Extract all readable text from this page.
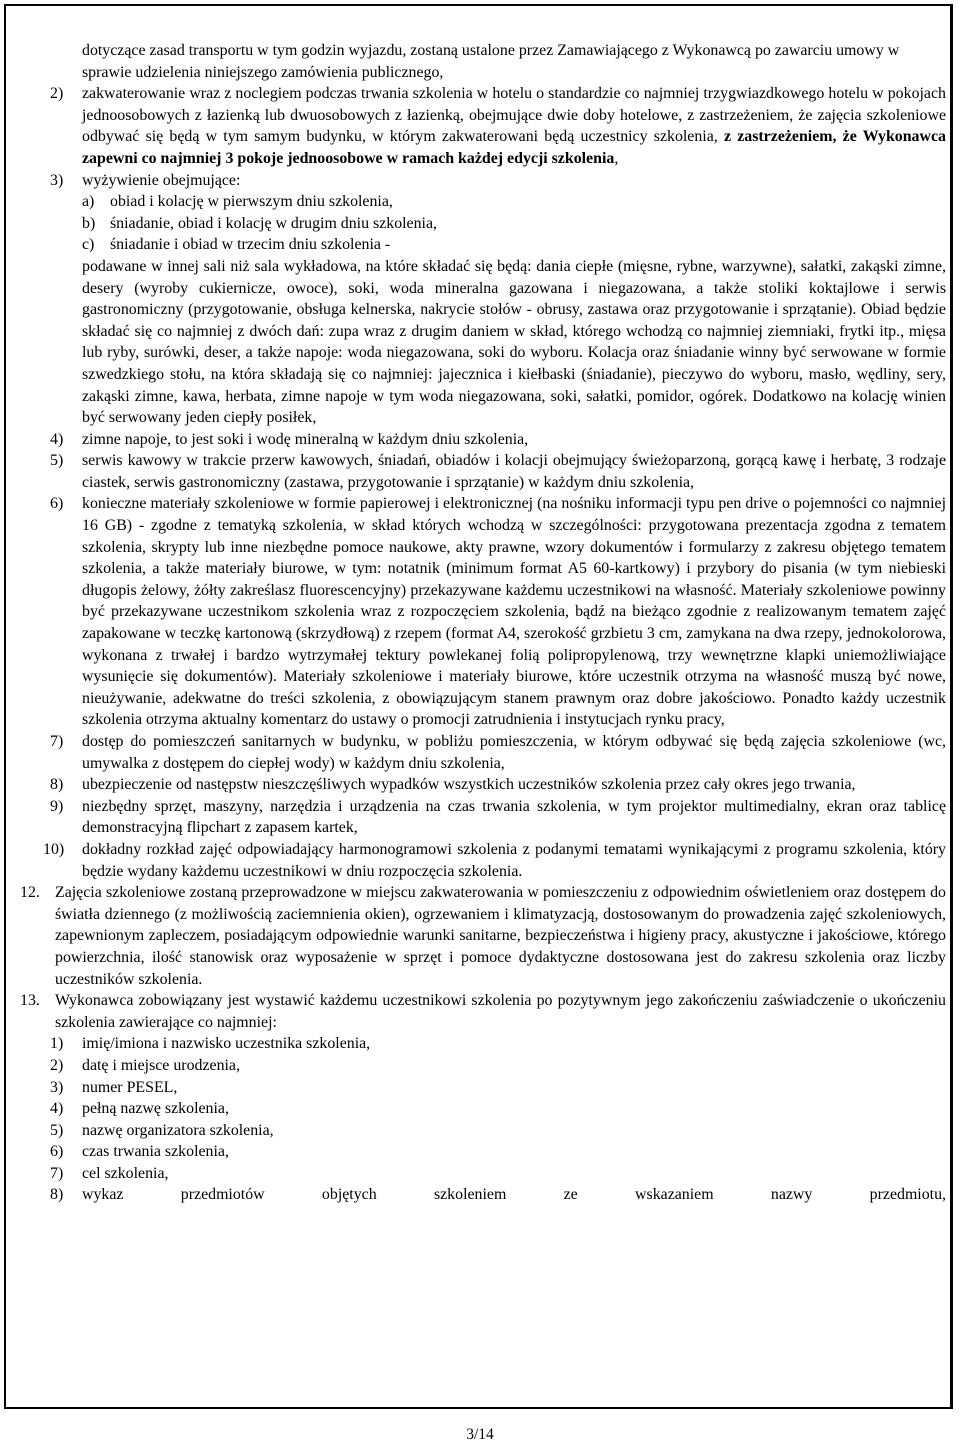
dotyczące zasad transportu w tym godzin wyjazdu, zostaną ustalone przez Zamawiającego z Wykonawcą po zawarciu umowy w sprawie udzielenia niniejszego zamówienia publicznego,

2) zakwaterowanie wraz z noclegiem podczas trwania szkolenia w hotelu o standardzie co najmniej trzygwiazdkowego hotelu w pokojach jednoosobowych z łazienką lub dwuosobowych z łazienką, obejmujące dwie doby hotelowe, z zastrzeżeniem, że zajęcia szkoleniowe odbywać się będą w tym samym budynku, w którym zakwaterowani będą uczestnicy szkolenia, z zastrzeżeniem, że Wykonawca zapewni co najmniej 3 pokoje jednoosobowe w ramach każdej edycji szkolenia,
3) wyżywienie obejmujące:
a) obiad i kolację w pierwszym dniu szkolenia,
b) śniadanie, obiad i kolację w drugim dniu szkolenia,
c) śniadanie i obiad w trzecim dniu szkolenia -
podawane w innej sali niż sala wykładowa, na które składać się będą: dania ciepłe (mięsne, rybne, warzywne), sałatki, zakąski zimne, desery (wyroby cukiernicze, owoce), soki, woda mineralna gazowana i niegazowana, a także stoliki koktajlowe i serwis gastronomiczny (przygotowanie, obsługa kelnerska, nakrycie stołów - obrusy, zastawa oraz przygotowanie i sprzątanie). Obiad będzie składać się co najmniej z dwóch dań: zupa wraz z drugim daniem w skład, którego wchodzą co najmniej ziemniaki, frytki itp., mięsa lub ryby, surówki, deser, a także napoje: woda niegazowana, soki do wyboru. Kolacja oraz śniadanie winny być serwowane w formie szwedzkiego stołu, na która składają się co najmniej: jajecznica i kiełbaski (śniadanie), pieczywo do wyboru, masło, wędliny, sery, zakąski zimne, kawa, herbata, zimne napoje w tym woda niegazowana, soki, sałatki, pomidor, ogórek. Dodatkowo na kolację winien być serwowany jeden ciepły posiłek,
4) zimne napoje, to jest soki i wodę mineralną w każdym dniu szkolenia,
5) serwis kawowy w trakcie przerw kawowych, śniadań, obiadów i kolacji obejmujący świeżoparzoną, gorącą kawę i herbatę, 3 rodzaje ciastek, serwis gastronomiczny (zastawa, przygotowanie i sprzątanie) w każdym dniu szkolenia,
6) konieczne materiały szkoleniowe w formie papierowej i elektronicznej (na nośniku informacji typu pen drive o pojemności co najmniej 16 GB) - zgodne z tematyką szkolenia, w skład których wchodzą w szczególności: przygotowana prezentacja zgodna z tematem szkolenia, skrypty lub inne niezbędne pomoce naukowe, akty prawne, wzory dokumentów i formularzy z zakresu objętego tematem szkolenia, a także materiały biurowe, w tym: notatnik (minimum format A5 60-kartkowy) i przybory do pisania (w tym niebieski długopis żelowy, żółty zakreślasz fluorescencyjny) przekazywane każdemu uczestnikowi na własność. Materiały szkoleniowe powinny być przekazywane uczestnikom szkolenia wraz z rozpoczęciem szkolenia, bądź na bieżąco zgodnie z realizowanym tematem zajęć zapakowane w teczkę kartonową (skrzydłową) z rzepem (format A4, szerokość grzbietu 3 cm, zamykana na dwa rzepy, jednokolorowa, wykonana z trwałej i bardzo wytrzymałej tektury powlekanej folią polipropylenową, trzy wewnętrzne klapki uniemożliwiające wysunięcie się dokumentów). Materiały szkoleniowe i materiały biurowe, które uczestnik otrzyma na własność muszą być nowe, nieużywanie, adekwatne do treści szkolenia, z obowiązującym stanem prawnym oraz dobre jakościowo. Ponadto każdy uczestnik szkolenia otrzyma aktualny komentarz do ustawy o promocji zatrudnienia i instytucjach rynku pracy,
7) dostęp do pomieszczeń sanitarnych w budynku, w pobliżu pomieszczenia, w którym odbywać się będą zajęcia szkoleniowe (wc, umywalka z dostępem do ciepłej wody) w każdym dniu szkolenia,
8) ubezpieczenie od następstw nieszczęśliwych wypadków wszystkich uczestników szkolenia przez cały okres jego trwania,
9) niezbędny sprzęt, maszyny, narzędzia i urządzenia na czas trwania szkolenia, w tym projektor multimedialny, ekran oraz tablicę demonstracyjną flipchart z zapasem kartek,
10) dokładny rozkład zajęć odpowiadający harmonogramowi szkolenia z podanymi tematami wynikającymi z programu szkolenia, który będzie wydany każdemu uczestnikowi w dniu rozpoczęcia szkolenia.
12. Zajęcia szkoleniowe zostaną przeprowadzone w miejscu zakwaterowania w pomieszczeniu z odpowiednim oświetleniem oraz dostępem do światła dziennego (z możliwością zaciemnienia okien), ogrzewaniem i klimatyzacją, dostosowanym do prowadzenia zajęć szkoleniowych, zapewnionym zapleczem, posiadającym odpowiednie warunki sanitarne, bezpieczeństwa i higieny pracy, akustyczne i jakościowe, którego powierzchnia, ilość stanowisk oraz wyposażenie w sprzęt i pomoce dydaktyczne dostosowana jest do zakresu szkolenia oraz liczby uczestników szkolenia.
13. Wykonawca zobowiązany jest wystawić każdemu uczestnikowi szkolenia po pozytywnym jego zakończeniu zaświadczenie o ukończeniu szkolenia zawierające co najmniej:
1) imię/imiona i nazwisko uczestnika szkolenia,
2) datę i miejsce urodzenia,
3) numer PESEL,
4) pełną nazwę szkolenia,
5) nazwę organizatora szkolenia,
6) czas trwania szkolenia,
7) cel szkolenia,
8) wykaz przedmiotów objętych szkoleniem ze wskazaniem nazwy przedmiotu,
3/14
